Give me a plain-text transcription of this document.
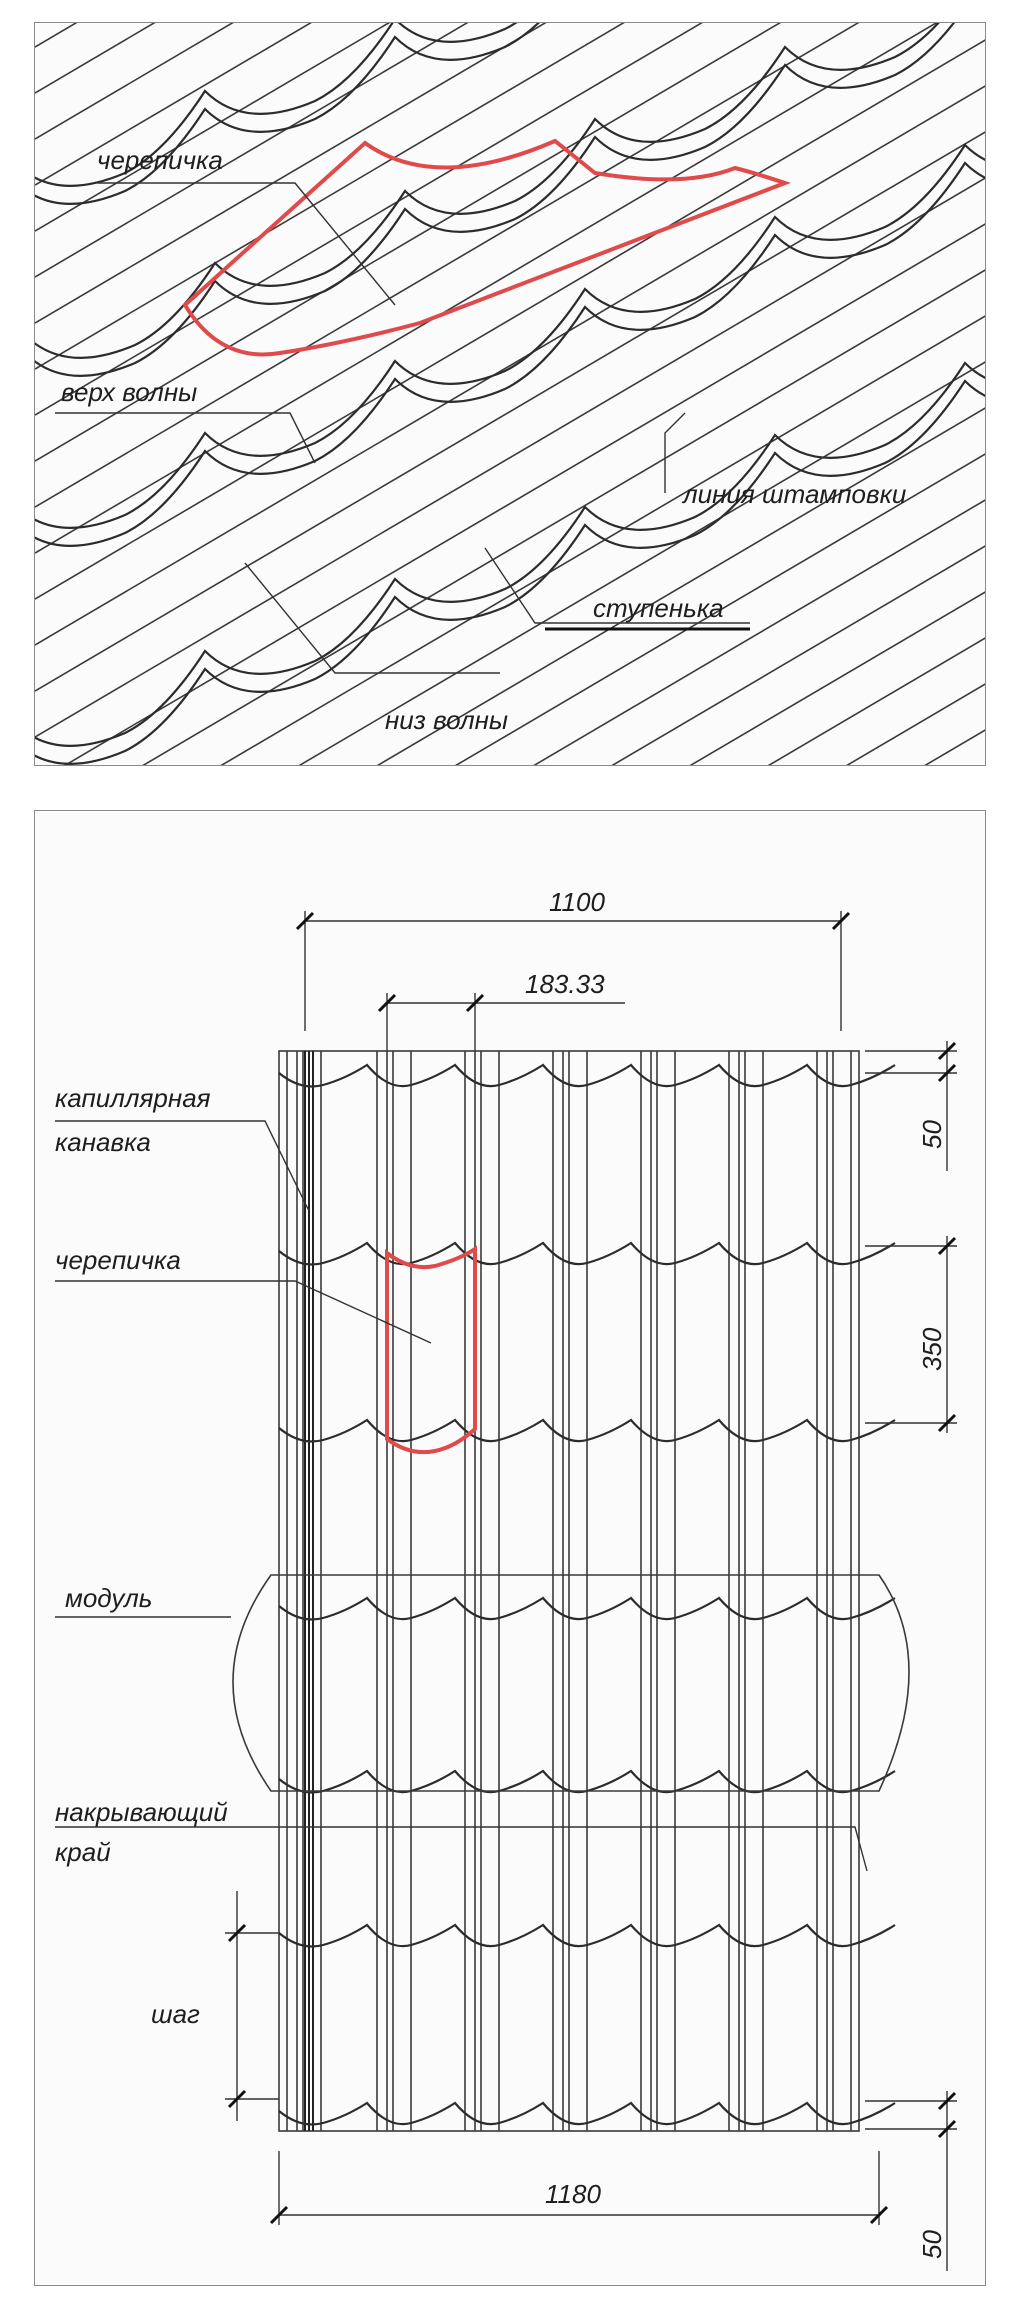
черепичка
верх волны
линия штамповки
ступенька
низ волны
1100
183.33
50
350
50
шаг
1180
капиллярная
канавка
черепичка
модуль
накрывающий
край
